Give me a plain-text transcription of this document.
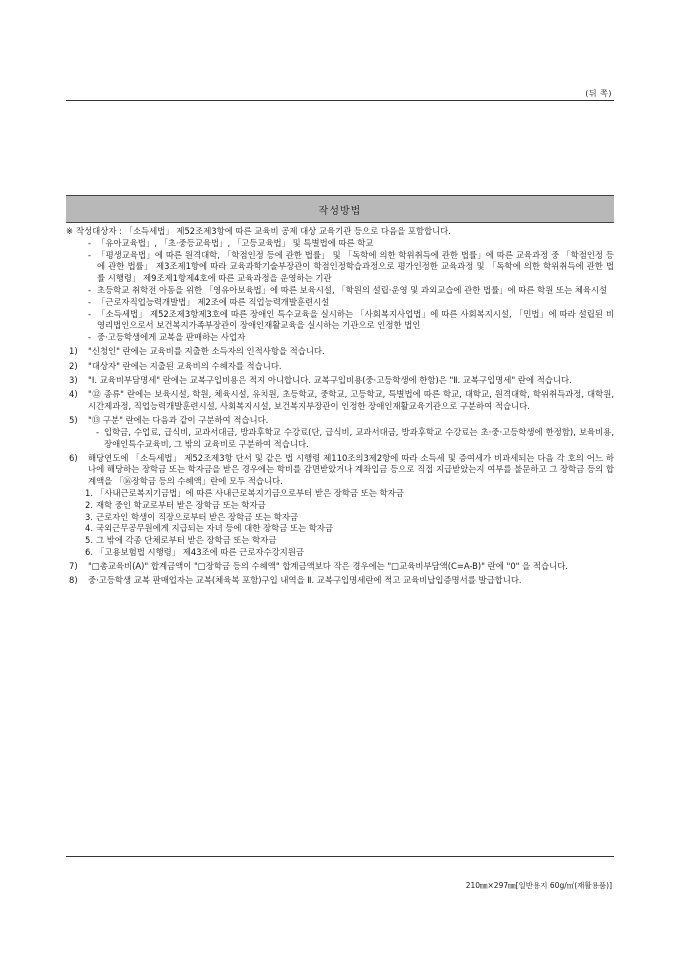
(뒤 쪽)
작성방법
※ 작성대상자 : 「소득세법」 제52조제3항에 따른 교육비 공제 대상 교육기관 등으로 다음을 포함합니다.
- 「유아교육법」, 「초·중등교육법」, 「고등교육법」 및 특별법에 따른 학교
- 「평생교육법」에 따른 원격대학, 「학점인정 등에 관한 법률」 및 「독학에 의한 학위취득에 관한 법률」에 따른 교육과정 중 「학점인정 등에 관한 법률」 제3조제1항에 따라 교육과학기술부장관이 학점인정학습과정으로 평가인정한 교육과정 및 「독학에 의한 학위취득에 관한 법률 시행령」 제9조제1항제4호에 따른 교육과정을 운영하는 기관
- 초등학교 취학전 아동을 위한 「영유아보육법」에 따른 보육시설, 「학원의 설립·운영 및 과외교습에 관한 법률」에 따른 학원 또는 체육시설
- 「근로자직업능력개발법」 제2조에 따른 직업능력개발훈련시설
- 「소득세법」 제52조제3항제3호에 따른 장애인 특수교육을 실시하는 「사회복지사업법」에 따른 사회복지시설, 「민법」에 따라 설립된 비영리법인으로서 보건복지가족부장관이 장애인재활교육을 실시하는 기관으로 인정한 법인
- 중·고등학생에게 교복을 판매하는 사업자
1) "신청인" 란에는 교육비를 지출한 소득자의 인적사항을 적습니다.
2) "대상자" 란에는 지출된 교육비의 수혜자를 적습니다.
3) "Ⅰ. 교육비부담명세" 란에는 교복구입비용은 적지 아니합니다. 교복구입비용(중·고등학생에 한함)은 "Ⅱ. 교복구입명세" 란에 적습니다.
4) "⑫ 종류" 란에는 보육시설, 학원, 체육시설, 유치원, 초등학교, 중학교, 고등학교, 특별법에 따른 학교, 대학교, 원격대학, 학위취득과정, 대학원, 시간제과정, 직업능력개발훈련시설, 사회복지시설, 보건복지부장관이 인정한 장애인재활교육기관으로 구분하여 적습니다.
5) "⑬ 구분" 란에는 다음과 같이 구분하여 적습니다.
- 입학금, 수업료, 급식비, 교과서대금, 방과후학교 수강료(단, 급식비, 교과서대금, 방과후학교 수강료는 초·중·고등학생에 한정함), 보육비용, 장애인특수교육비, 그 밖의 교육비로 구분하여 적습니다.
6) 해당연도에 「소득세법」 제52조제3항 단서 및 같은 법 시행령 제110조의3제2항에 따라 소득세 및 증여세가 비과세되는 다음 각 호의 어느 하나에 해당하는 장학금 또는 학자금을 받은 경우에는 학비를 감면받았거나 계좌입금 등으로 직접 지급받았는지 여부를 불문하고 그 장학금 등의 합계액을 「⑯장학금 등의 수혜액」란에 모두 적습니다.
1. 「사내근로복지기금법」에 따른 사내근로복지기금으로부터 받은 장학금 또는 학자금
2. 재학 중인 학교로부터 받은 장학금 또는 학자금
3. 근로자인 학생이 직장으로부터 받은 장학금 또는 학자금
4. 국외근무공무원에게 지급되는 자녀 등에 대한 장학금 또는 학자금
5. 그 밖에 각종 단체로부터 받은 장학금 또는 학자금
6. 「고용보험법 시행령」 제43조에 따른 근로자수강지원금
7) "□총교육비(A)" 합계금액이 "□장학금 등의 수혜액" 합계금액보다 작은 경우에는 "□교육비부담액(C=A-B)" 란에 "0" 을 적습니다.
8) 중·고등학생 교복 판매업자는 교복(체육복 포함)구입 내역을 Ⅱ. 교복구입명세란에 적고 교육비납입증명서를 발급합니다.
210㎜×297㎜[일반용지 60g/㎡(재활용품)]
